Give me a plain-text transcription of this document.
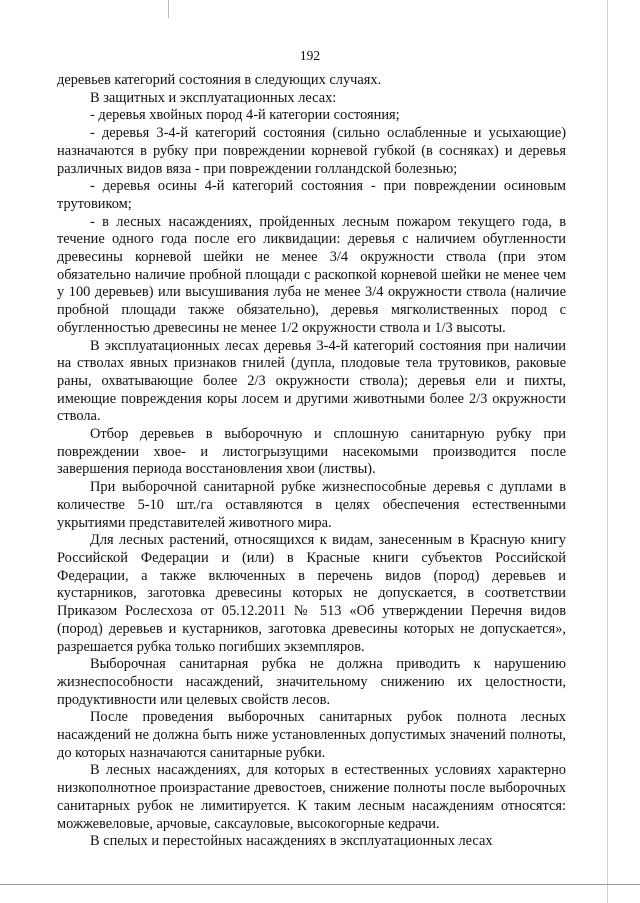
192

деревьев категорий состояния в следующих случаях.

В защитных и эксплуатационных лесах:

- деревья хвойных пород 4-й категории состояния;

- деревья 3-4-й категорий состояния (сильно ослабленные и усыхающие) назначаются в рубку при повреждении корневой губкой (в сосняках) и деревья различных видов вяза - при повреждении голландской болезнью;

- деревья осины 4-й категорий состояния - при повреждении осиновым трутовиком;

- в лесных насаждениях, пройденных лесным пожаром текущего года, в течение одного года после его ликвидации: деревья с наличием обугленности древесины корневой шейки не менее 3/4 окружности ствола (при этом обязательно наличие пробной площади с раскопкой корневой шейки не менее чем у 100 деревьев) или высушивания луба не менее 3/4 окружности ствола (наличие пробной площади также обязательно), деревья мягколиственных пород с обугленностью древесины не менее 1/2 окружности ствола и 1/3 высоты.

В эксплуатационных лесах деревья 3-4-й категорий состояния при наличии на стволах явных признаков гнилей (дупла, плодовые тела трутовиков, раковые раны, охватывающие более 2/3 окружности ствола); деревья ели и пихты, имеющие повреждения коры лосем и другими животными более 2/3 окружности ствола.

Отбор деревьев в выборочную и сплошную санитарную рубку при повреждении хвое- и листогрызущими насекомыми производится после завершения периода восстановления хвои (листвы).

При выборочной санитарной рубке жизнеспособные деревья с дуплами в количестве 5-10 шт./га оставляются в целях обеспечения естественными укрытиями представителей животного мира.

Для лесных растений, относящихся к видам, занесенным в Красную книгу Российской Федерации и (или) в Красные книги субъектов Российской Федерации, а также включенных в перечень видов (пород) деревьев и кустарников, заготовка древесины которых не допускается, в соответствии Приказом Рослесхоза от 05.12.2011 № 513 «Об утверждении Перечня видов (пород) деревьев и кустарников, заготовка древесины которых не допускается», разрешается рубка только погибших экземпляров.

Выборочная санитарная рубка не должна приводить к нарушению жизнеспособности насаждений, значительному снижению их целостности, продуктивности или целевых свойств лесов.

После проведения выборочных санитарных рубок полнота лесных насаждений не должна быть ниже установленных допустимых значений полноты, до которых назначаются санитарные рубки.

В лесных насаждениях, для которых в естественных условиях характерно низкополнотное произрастание древостоев, снижение полноты после выборочных санитарных рубок не лимитируется. К таким лесным насаждениям относятся: можжевеловые, арчовые, саксауловые, высокогорные кедрачи.

В спелых и перестойных насаждениях в эксплуатационных лесах
